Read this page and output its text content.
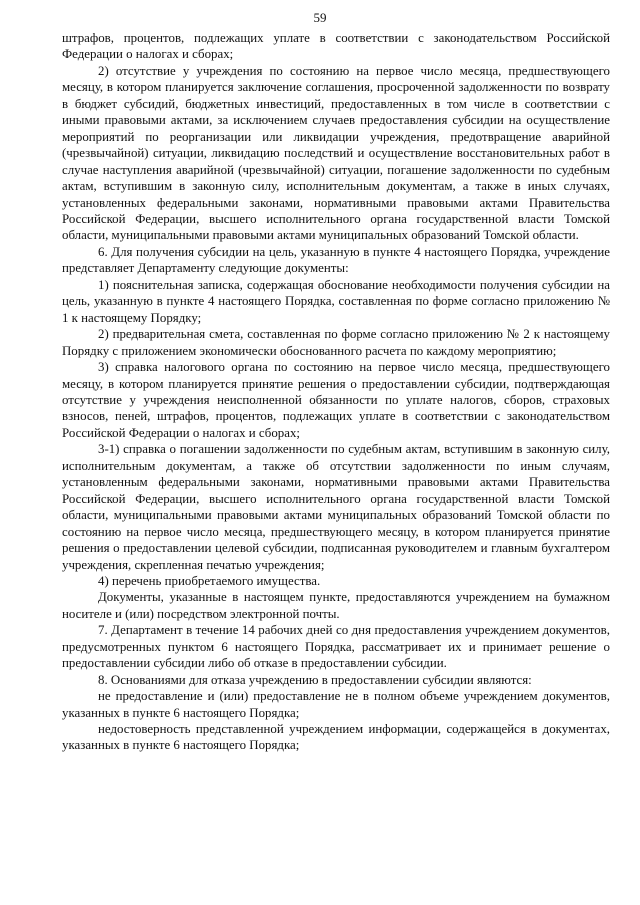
59

штрафов, процентов, подлежащих уплате в соответствии с законодательством Российской Федерации о налогах и сборах;

2) отсутствие у учреждения по состоянию на первое число месяца, предшествующего месяцу, в котором планируется заключение соглашения, просроченной задолженности по возврату в бюджет субсидий, бюджетных инвестиций, предоставленных в том числе в соответствии с иными правовыми актами, за исключением случаев предоставления субсидии на осуществление мероприятий по реорганизации или ликвидации учреждения, предотвращение аварийной (чрезвычайной) ситуации, ликвидацию последствий и осуществление восстановительных работ в случае наступления аварийной (чрезвычайной) ситуации, погашение задолженности по судебным актам, вступившим в законную силу, исполнительным документам, а также в иных случаях, установленных федеральными законами, нормативными правовыми актами Правительства Российской Федерации, высшего исполнительного органа государственной власти Томской области, муниципальными правовыми актами муниципальных образований Томской области.

6. Для получения субсидии на цель, указанную в пункте 4 настоящего Порядка, учреждение представляет Департаменту следующие документы:

1) пояснительная записка, содержащая обоснование необходимости получения субсидии на цель, указанную в пункте 4 настоящего Порядка, составленная по форме согласно приложению № 1 к настоящему Порядку;

2) предварительная смета, составленная по форме согласно приложению № 2 к настоящему Порядку с приложением экономически обоснованного расчета по каждому мероприятию;

3) справка налогового органа по состоянию на первое число месяца, предшествующего месяцу, в котором планируется принятие решения о предоставлении субсидии, подтверждающая отсутствие у учреждения неисполненной обязанности по уплате налогов, сборов, страховых взносов, пеней, штрафов, процентов, подлежащих уплате в соответствии с законодательством Российской Федерации о налогах и сборах;

3-1) справка о погашении задолженности по судебным актам, вступившим в законную силу, исполнительным документам, а также об отсутствии задолженности по иным случаям, установленным федеральными законами, нормативными правовыми актами Правительства Российской Федерации, высшего исполнительного органа государственной власти Томской области, муниципальными правовыми актами муниципальных образований Томской области по состоянию на первое число месяца, предшествующего месяцу, в котором планируется принятие решения о предоставлении целевой субсидии, подписанная руководителем и главным бухгалтером учреждения, скрепленная печатью учреждения;

4) перечень приобретаемого имущества.

Документы, указанные в настоящем пункте, предоставляются учреждением на бумажном носителе и (или) посредством электронной почты.

7. Департамент в течение 14 рабочих дней со дня предоставления учреждением документов, предусмотренных пунктом 6 настоящего Порядка, рассматривает их и принимает решение о предоставлении субсидии либо об отказе в предоставлении субсидии.

8. Основаниями для отказа учреждению в предоставлении субсидии являются:

не предоставление и (или) предоставление не в полном объеме учреждением документов, указанных в пункте 6 настоящего Порядка;

недостоверность представленной учреждением информации, содержащейся в документах, указанных в пункте 6 настоящего Порядка;
